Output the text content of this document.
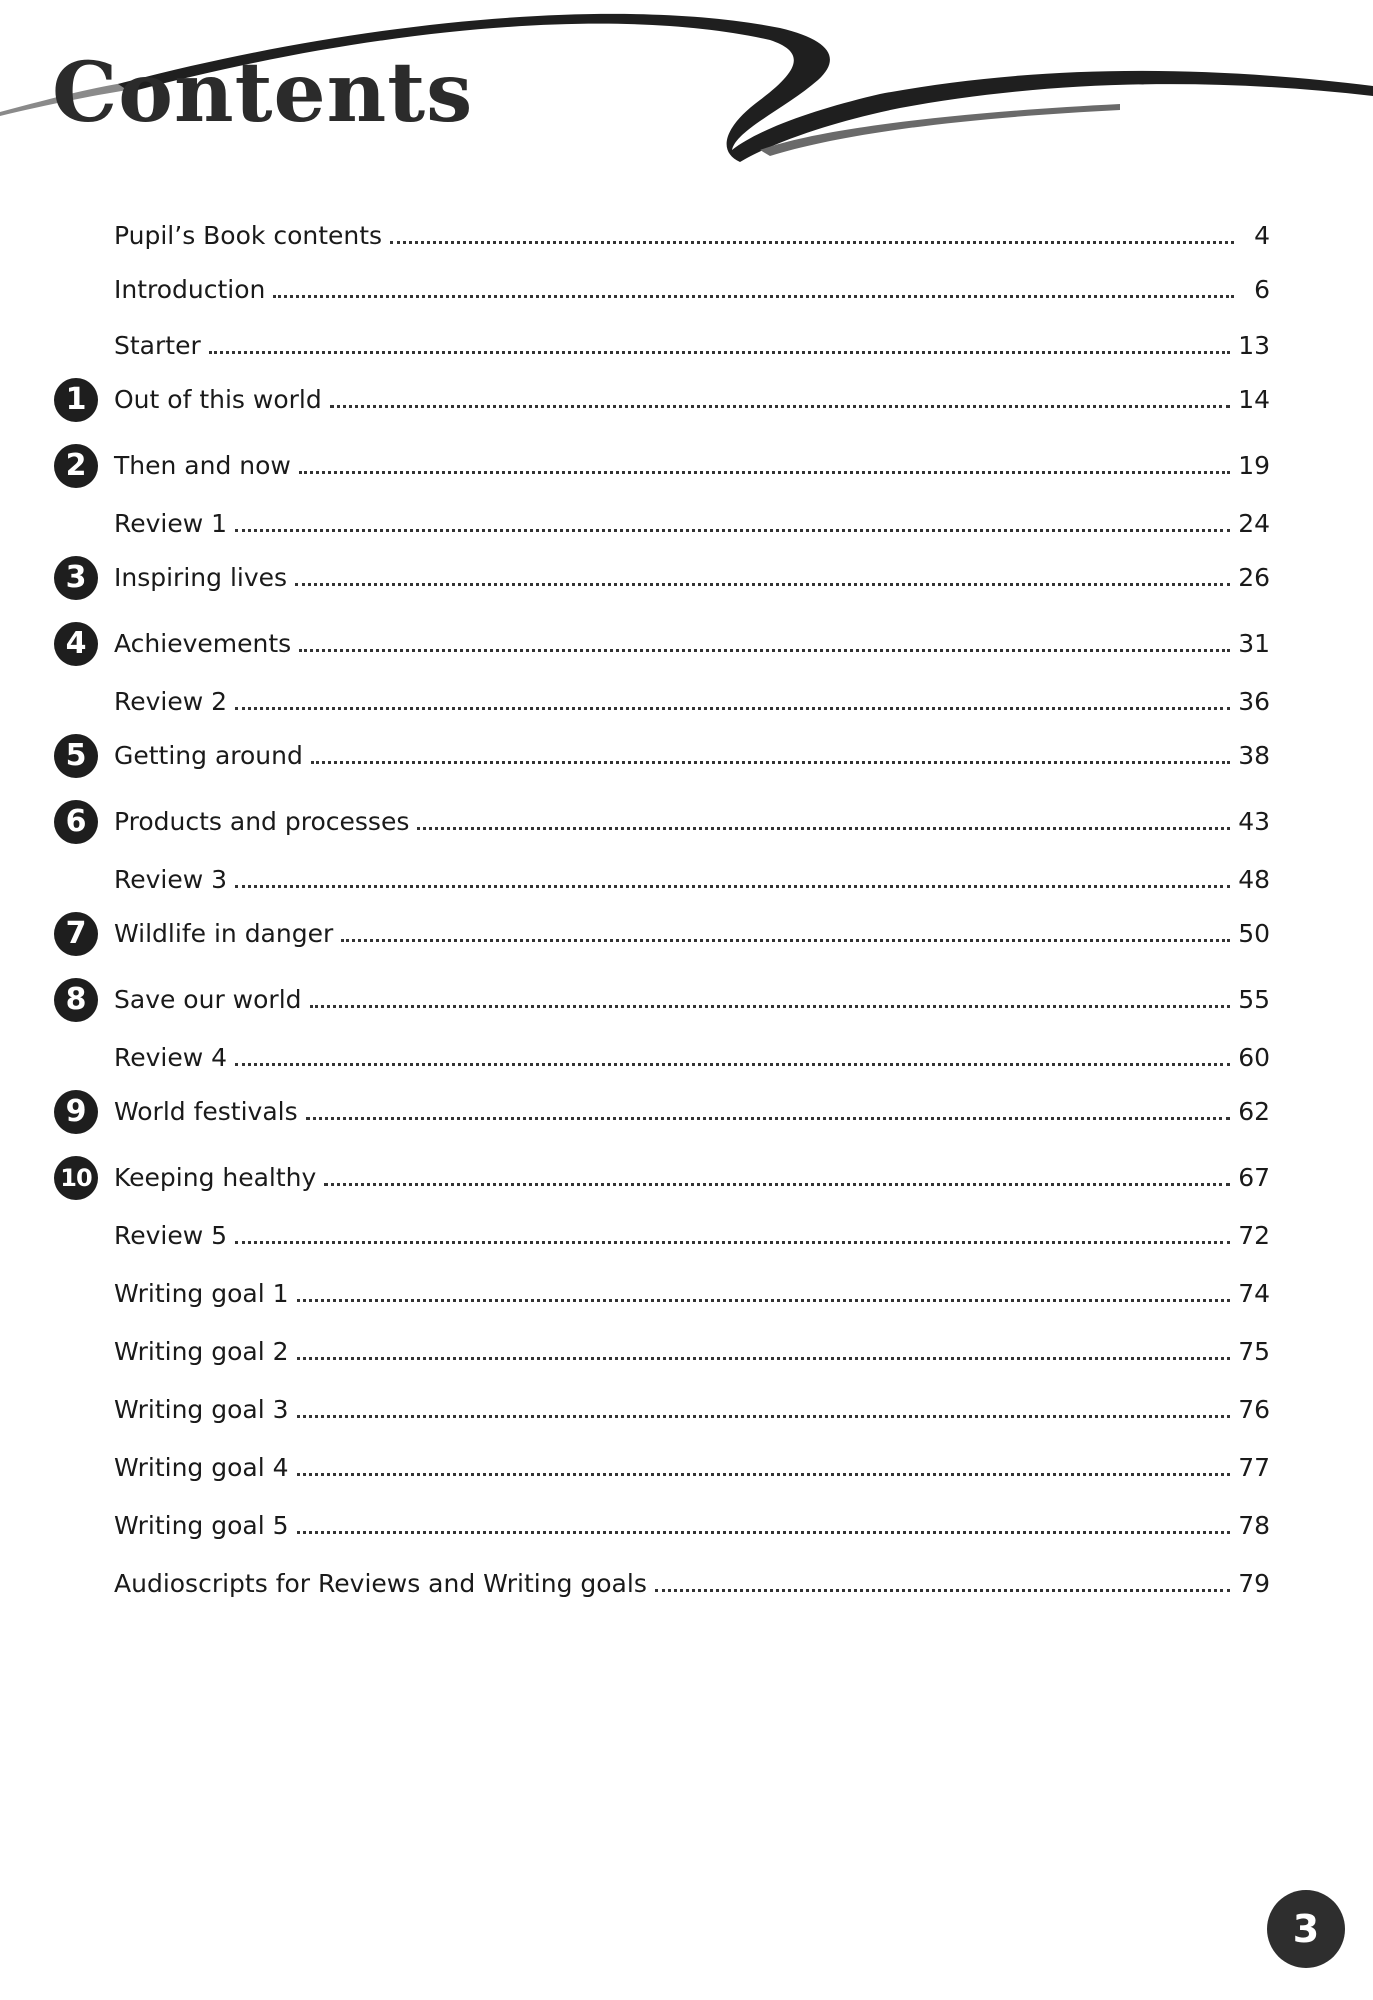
Contents
Pupil’s Book contents	4
Introduction	6
Starter	13
1	Out of this world	14
2	Then and now	19
Review 1	24
3	Inspiring lives	26
4	Achievements	31
Review 2	36
5	Getting around	38
6	Products and processes	43
Review 3	48
7	Wildlife in danger	50
8	Save our world	55
Review 4	60
9	World festivals	62
10 Keeping healthy	67
Review 5	72
Writing goal 1	74
Writing goal 2	75
Writing goal 3	76
Writing goal 4	77
Writing goal 5	78
Audioscripts for Reviews and Writing goals	79
3
